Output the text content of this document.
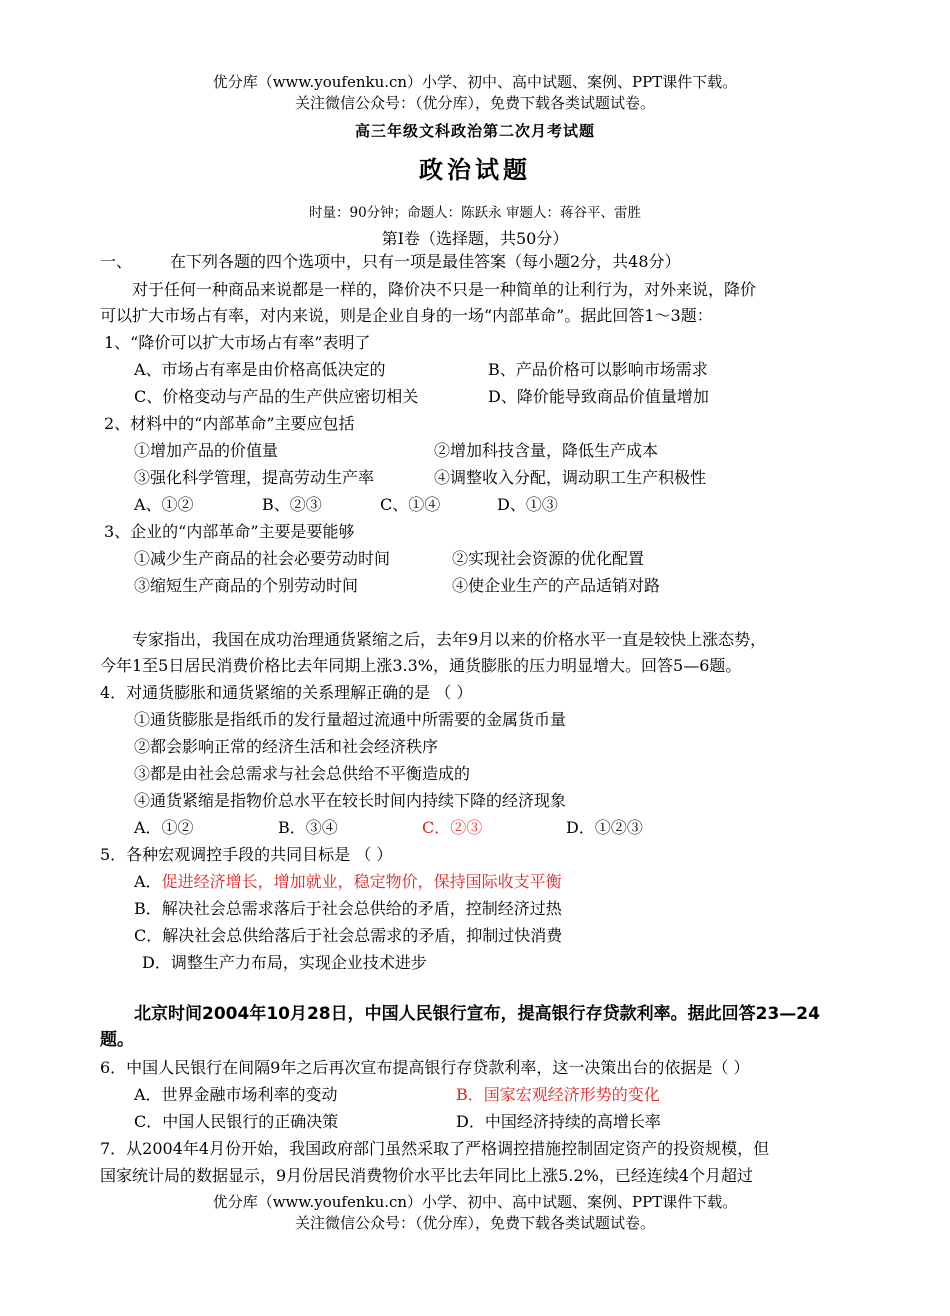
优分库（www.youfenku.cn）小学、初中、高中试题、案例、PPT课件下载。
关注微信公众号：（优分库），免费下载各类试题试卷。
高三年级文科政治第二次月考试题
政治试题
时量：90分钟；命题人：陈跃永 审题人：蒋谷平、雷胜
第Ⅰ卷（选择题，共50分）
一、 在下列各题的四个选项中，只有一项是最佳答案（每小题2分，共48分）
对于任何一种商品来说都是一样的，降价决不只是一种简单的让利行为，对外来说，降价
可以扩大市场占有率，对内来说，则是企业自身的一场“内部革命”。据此回答1～3题：
1、“降价可以扩大市场占有率”表明了
A、市场占有率是由价格高低决定的	B、产品价格可以影响市场需求
C、价格变动与产品的生产供应密切相关	D、降价能导致商品价值量增加
2、材料中的“内部革命”主要应包括
①增加产品的价值量	②增加科技含量，降低生产成本
③强化科学管理，提高劳动生产率	④调整收入分配，调动职工生产积极性
A、①②	B、②③	C、①④	D、①③
3、企业的“内部革命”主要是要能够
①减少生产商品的社会必要劳动时间	②实现社会资源的优化配置
③缩短生产商品的个别劳动时间	④使企业生产的产品适销对路
专家指出，我国在成功治理通货紧缩之后，去年9月以来的价格水平一直是较快上涨态势，
今年1至5日居民消费价格比去年同期上涨3.3%，通货膨胀的压力明显增大。回答5—6题。
4．对通货膨胀和通货紧缩的关系理解正确的是 （ ）
①通货膨胀是指纸币的发行量超过流通中所需要的金属货币量
②都会影响正常的经济生活和社会经济秩序
③都是由社会总需求与社会总供给不平衡造成的
④通货紧缩是指物价总水平在较长时间内持续下降的经济现象
A．①②	B．③④	C．②③	D．①②③
5．各种宏观调控手段的共同目标是 （ ）
A．促进经济增长，增加就业，稳定物价，保持国际收支平衡
B．解决社会总需求落后于社会总供给的矛盾，控制经济过热
C．解决社会总供给落后于社会总需求的矛盾，抑制过快消费
D．调整生产力布局，实现企业技术进步
北京时间2004年10月28日，中国人民银行宣布，提高银行存贷款利率。据此回答23—24
题。
6．中国人民银行在间隔9年之后再次宣布提高银行存贷款利率，这一决策出台的依据是（ ）
A．世界金融市场利率的变动	B．国家宏观经济形势的变化
C．中国人民银行的正确决策	D．中国经济持续的高增长率
7．从2004年4月份开始，我国政府部门虽然采取了严格调控措施控制固定资产的投资规模，但
国家统计局的数据显示，9月份居民消费物价水平比去年同比上涨5.2%，已经连续4个月超过
优分库（www.youfenku.cn）小学、初中、高中试题、案例、PPT课件下载。
关注微信公众号：（优分库），免费下载各类试题试卷。
